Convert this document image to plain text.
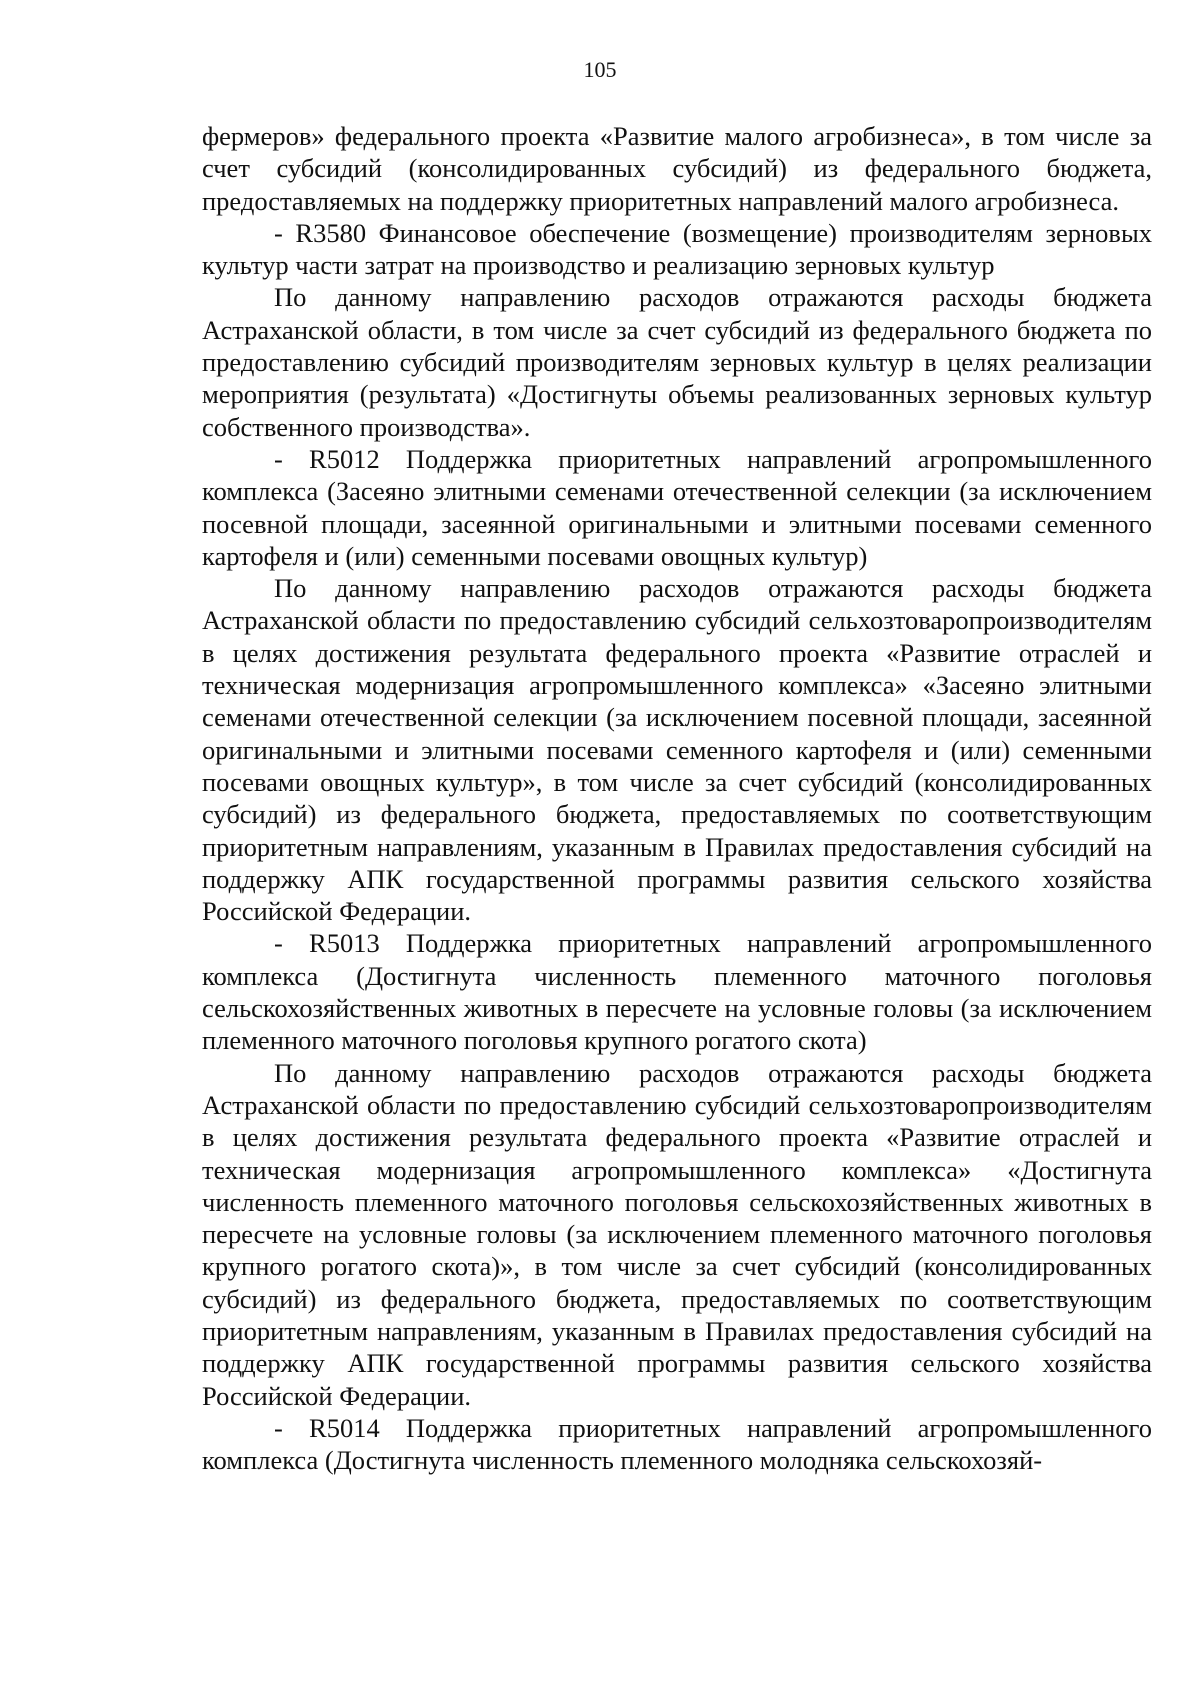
105

фермеров» федерального проекта «Развитие малого агробизнеса», в том числе за счет субсидий (консолидированных субсидий) из федерального бюджета, предоставляемых на поддержку приоритетных направлений малого агробизнеса.

- R3580 Финансовое обеспечение (возмещение) производителям зерновых культур части затрат на производство и реализацию зерновых культур

По данному направлению расходов отражаются расходы бюджета Астраханской области, в том числе за счет субсидий из федерального бюджета по предоставлению субсидий производителям зерновых культур в целях реализации мероприятия (результата) «Достигнуты объемы реализованных зерновых культур собственного производства».

- R5012 Поддержка приоритетных направлений агропромышленного комплекса (Засеяно элитными семенами отечественной селекции (за исключением посевной площади, засеянной оригинальными и элитными посевами семенного картофеля и (или) семенными посевами овощных культур)

По данному направлению расходов отражаются расходы бюджета Астраханской области по предоставлению субсидий сельхозтоваропроизводителям в целях достижения результата федерального проекта «Развитие отраслей и техническая модернизация агропромышленного комплекса» «Засеяно элитными семенами отечественной селекции (за исключением посевной площади, засеянной оригинальными и элитными посевами семенного картофеля и (или) семенными посевами овощных культур», в том числе за счет субсидий (консолидированных субсидий) из федерального бюджета, предоставляемых по соответствующим приоритетным направлениям, указанным в Правилах предоставления субсидий на поддержку АПК государственной программы развития сельского хозяйства Российской Федерации.

- R5013 Поддержка приоритетных направлений агропромышленного комплекса (Достигнута численность племенного маточного поголовья сельскохозяйственных животных в пересчете на условные головы (за исключением племенного маточного поголовья крупного рогатого скота)

По данному направлению расходов отражаются расходы бюджета Астраханской области по предоставлению субсидий сельхозтоваропроизводителям в целях достижения результата федерального проекта «Развитие отраслей и техническая модернизация агропромышленного комплекса» «Достигнута численность племенного маточного поголовья сельскохозяйственных животных в пересчете на условные головы (за исключением племенного маточного поголовья крупного рогатого скота)», в том числе за счет субсидий (консолидированных субсидий) из федерального бюджета, предоставляемых по соответствующим приоритетным направлениям, указанным в Правилах предоставления субсидий на поддержку АПК государственной программы развития сельского хозяйства Российской Федерации.

- R5014 Поддержка приоритетных направлений агропромышленного комплекса (Достигнута численность племенного молодняка сельскохозяй-
